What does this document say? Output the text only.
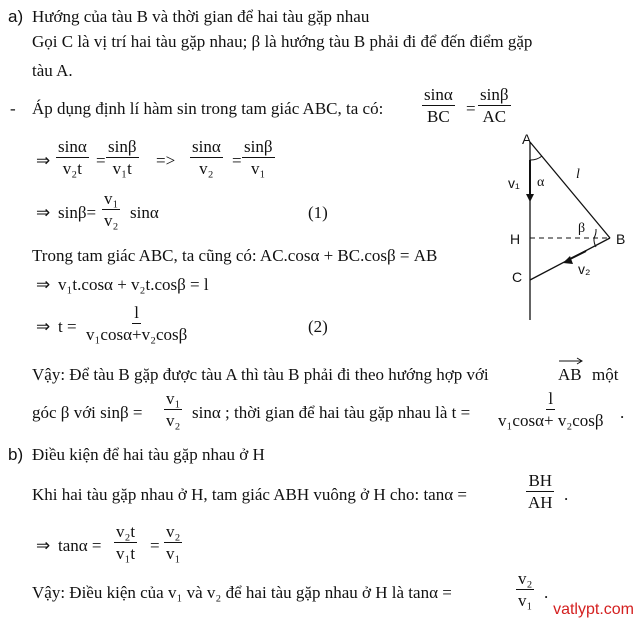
a) Hướng của tàu B và thời gian để hai tàu gặp nhau
Gọi C là vị trí hai tàu gặp nhau; β là hướng tàu B phải đi để đến điểm gặp
tàu A.
- Áp dụng định lí hàm sin trong tam giác ABC, ta có: $\frac{\sin\alpha}{BC} = \frac{\sin\beta}{AC}$
⇒ $\frac{\sin\alpha}{\text{v₂t}} = \frac{\sin\beta}{\text{v₁t}} => \frac{\sin\alpha}{\text{v₂}} = \frac{\sin\beta}{\text{v₁}}$
⇒ $\sin\beta= \frac{\text{v₁}}{\text{v₂}}$ sinα	(1)
Trong tam giác ABC, ta cũng có: AC.cosα + BC.cosβ = AB
⇒ v₁t.cosα + v₂t.cosβ = l
⇒ $t = \frac{l}{\text{v₁cosα+v₂cosβ}}$	(2)
Vậy: Để tàu B gặp được tàu A thì tàu B phải đi theo hướng hợp với	AB một
góc β với $\sin\beta = \frac{\text{v₁}}{\text{v₂}}$ sinα ; thời gian để hai tàu gặp nhau là $t = \frac{l}{\text{v₁cosα+ v₂cosβ}}$ .
b) Điều kiện để hai tàu gặp nhau ở H
Khi hai tàu gặp nhau ở H, tam giác ABH vuông ở H cho: tanα =	$\frac{BH}{AH}$ .
⇒ $\tan\alpha = \frac{\text{v₂t}}{\text{v₁t}} = \frac{\text{v₂}}{\text{v₁}}$
Vậy: Điều kiện của v₁ và v₂ để hai tàu gặp nhau ở H là tanα =	$\frac{\text{v₂}}{\text{v₁}}$ .
A
B
C
H
v₁
v₂
α
β
l
vatlypt.com
